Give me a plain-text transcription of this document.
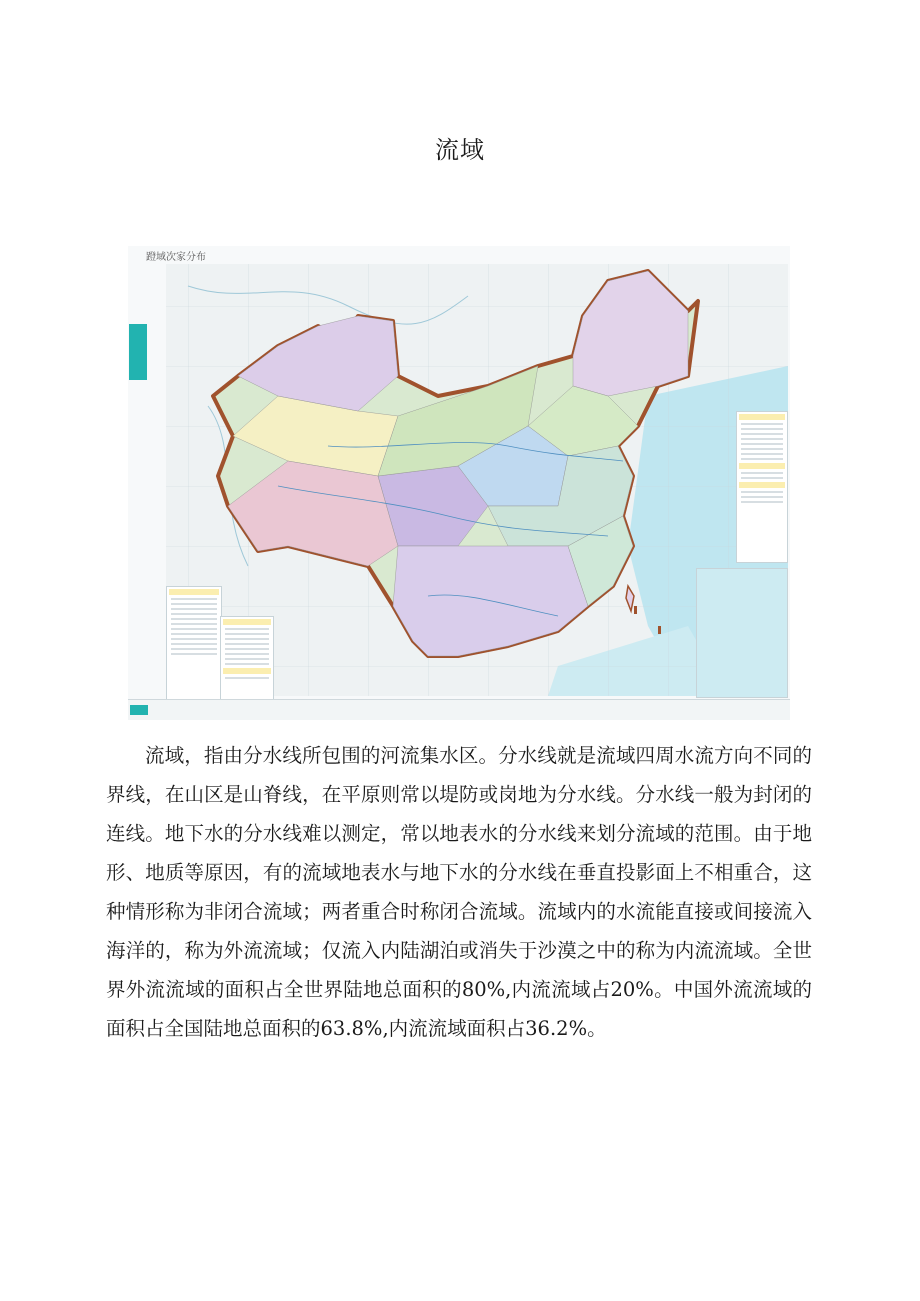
流域
蹬域次家分布

流域，指由分水线所包围的河流集水区。分水线就是流域四周水流方向不同的界线，在山区是山脊线，在平原则常以堤防或岗地为分水线。分水线一般为封闭的连线。地下水的分水线难以测定，常以地表水的分水线来划分流域的范围。由于地形、地质等原因，有的流域地表水与地下水的分水线在垂直投影面上不相重合，这种情形称为非闭合流域；两者重合时称闭合流域。流域内的水流能直接或间接流入海洋的，称为外流流域；仅流入内陆湖泊或消失于沙漠之中的称为内流流域。全世界外流流域的面积占全世界陆地总面积的80%,内流流域占20%。中国外流流域的面积占全国陆地总面积的63.8%,内流流域面积占36.2%。
